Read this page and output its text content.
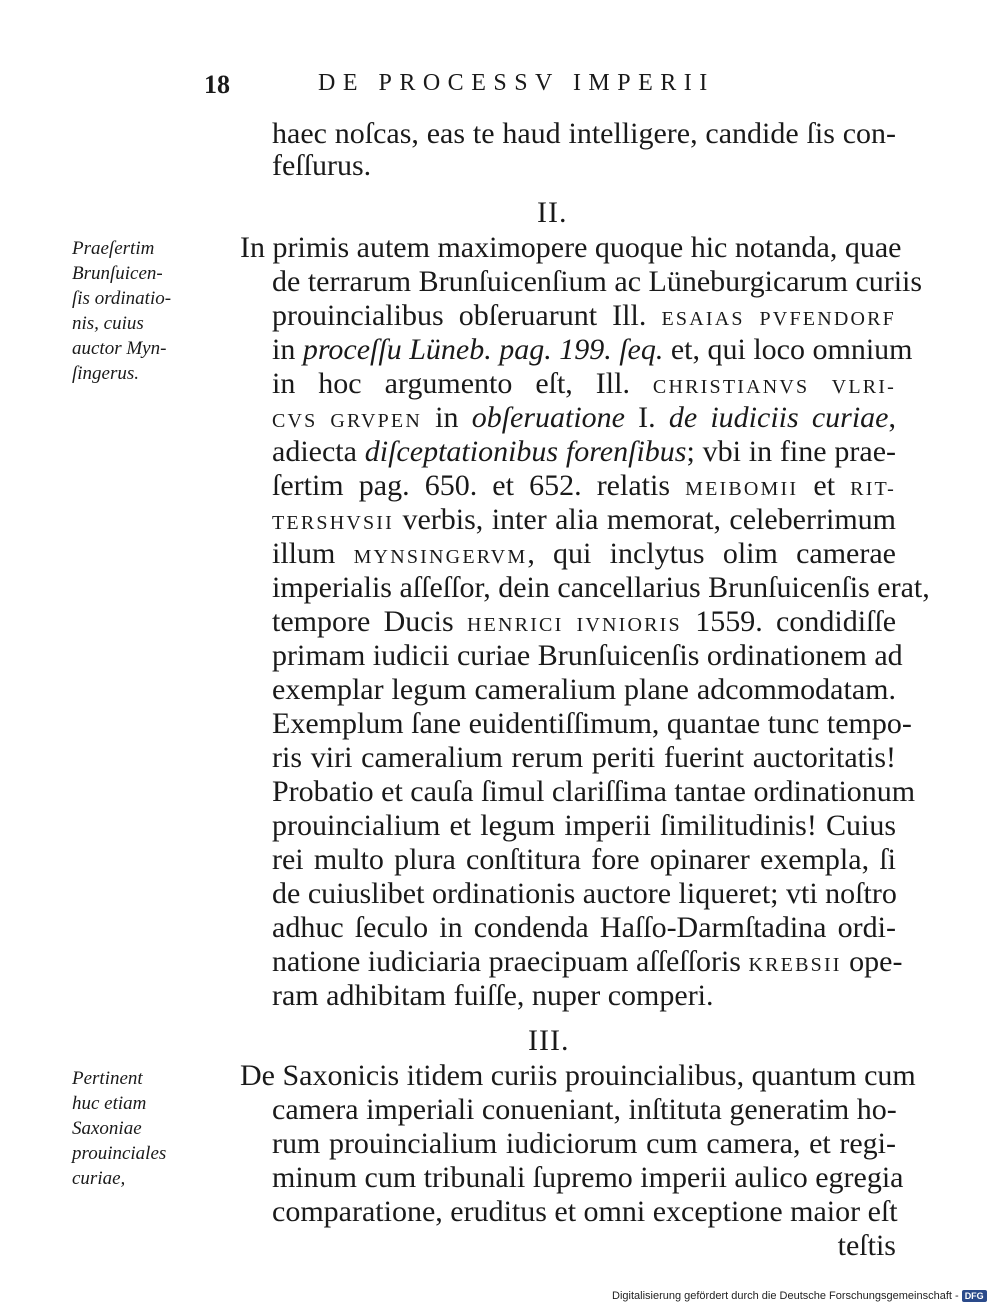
18	DE PROCESSV IMPERII
haec noſcas, eas te haud intelligere, candide ſis con-
feſſurus.
II.
Praeſertim
Brunſuicen-
ſis ordinatio-
nis, cuius
auctor Myn-
ſingerus.
In primis autem maximopere quoque hic notanda, quae
de terrarum Brunſuicenſium ac Lüneburgicarum curiis
prouincialibus obſeruarunt Ill. ESAIAS PVFENDORF
in proceſſu Lüneb. pag. 199. ſeq. et, qui loco omnium
in hoc argumento eſt, Ill. CHRISTIANVS VLRI-
CVS GRVPEN in obſeruatione I. de iudiciis curiae,
adiecta diſceptationibus forenſibus; vbi in fine prae-
ſertim pag. 650. et 652. relatis MEIBOMII et RIT-
TERSHVSII verbis, inter alia memorat, celeberrimum
illum MYNSINGERVM, qui inclytus olim camerae
imperialis aſſeſſor, dein cancellarius Brunſuicenſis erat,
tempore Ducis HENRICI IVNIORIS 1559. condidiſſe
primam iudicii curiae Brunſuicenſis ordinationem ad
exemplar legum cameralium plane adcommodatam.
Exemplum ſane euidentiſſimum, quantae tunc tempo-
ris viri cameralium rerum periti fuerint auctoritatis!
Probatio et cauſa ſimul clariſſima tantae ordinationum
prouincialium et legum imperii ſimilitudinis! Cuius
rei multo plura conſtitura fore opinarer exempla, ſi
de cuiuslibet ordinationis auctore liqueret; vti noſtro
adhuc ſeculo in condenda Haſſo-Darmſtadina ordi-
natione iudiciaria praecipuam aſſeſſoris KREBSII ope-
ram adhibitam fuiſſe, nuper comperi.
III.
Pertinent
huc etiam
Saxoniae
prouinciales
curiae,
De Saxonicis itidem curiis prouincialibus, quantum cum
camera imperiali conueniant, inſtituta generatim ho-
rum prouincialium iudiciorum cum camera, et regi-
minum cum tribunali ſupremo imperii aulico egregia
comparatione, eruditus et omni exceptione maior eſt
teſtis
Digitalisierung gefördert durch die Deutsche Forschungsgemeinschaft - DFG
